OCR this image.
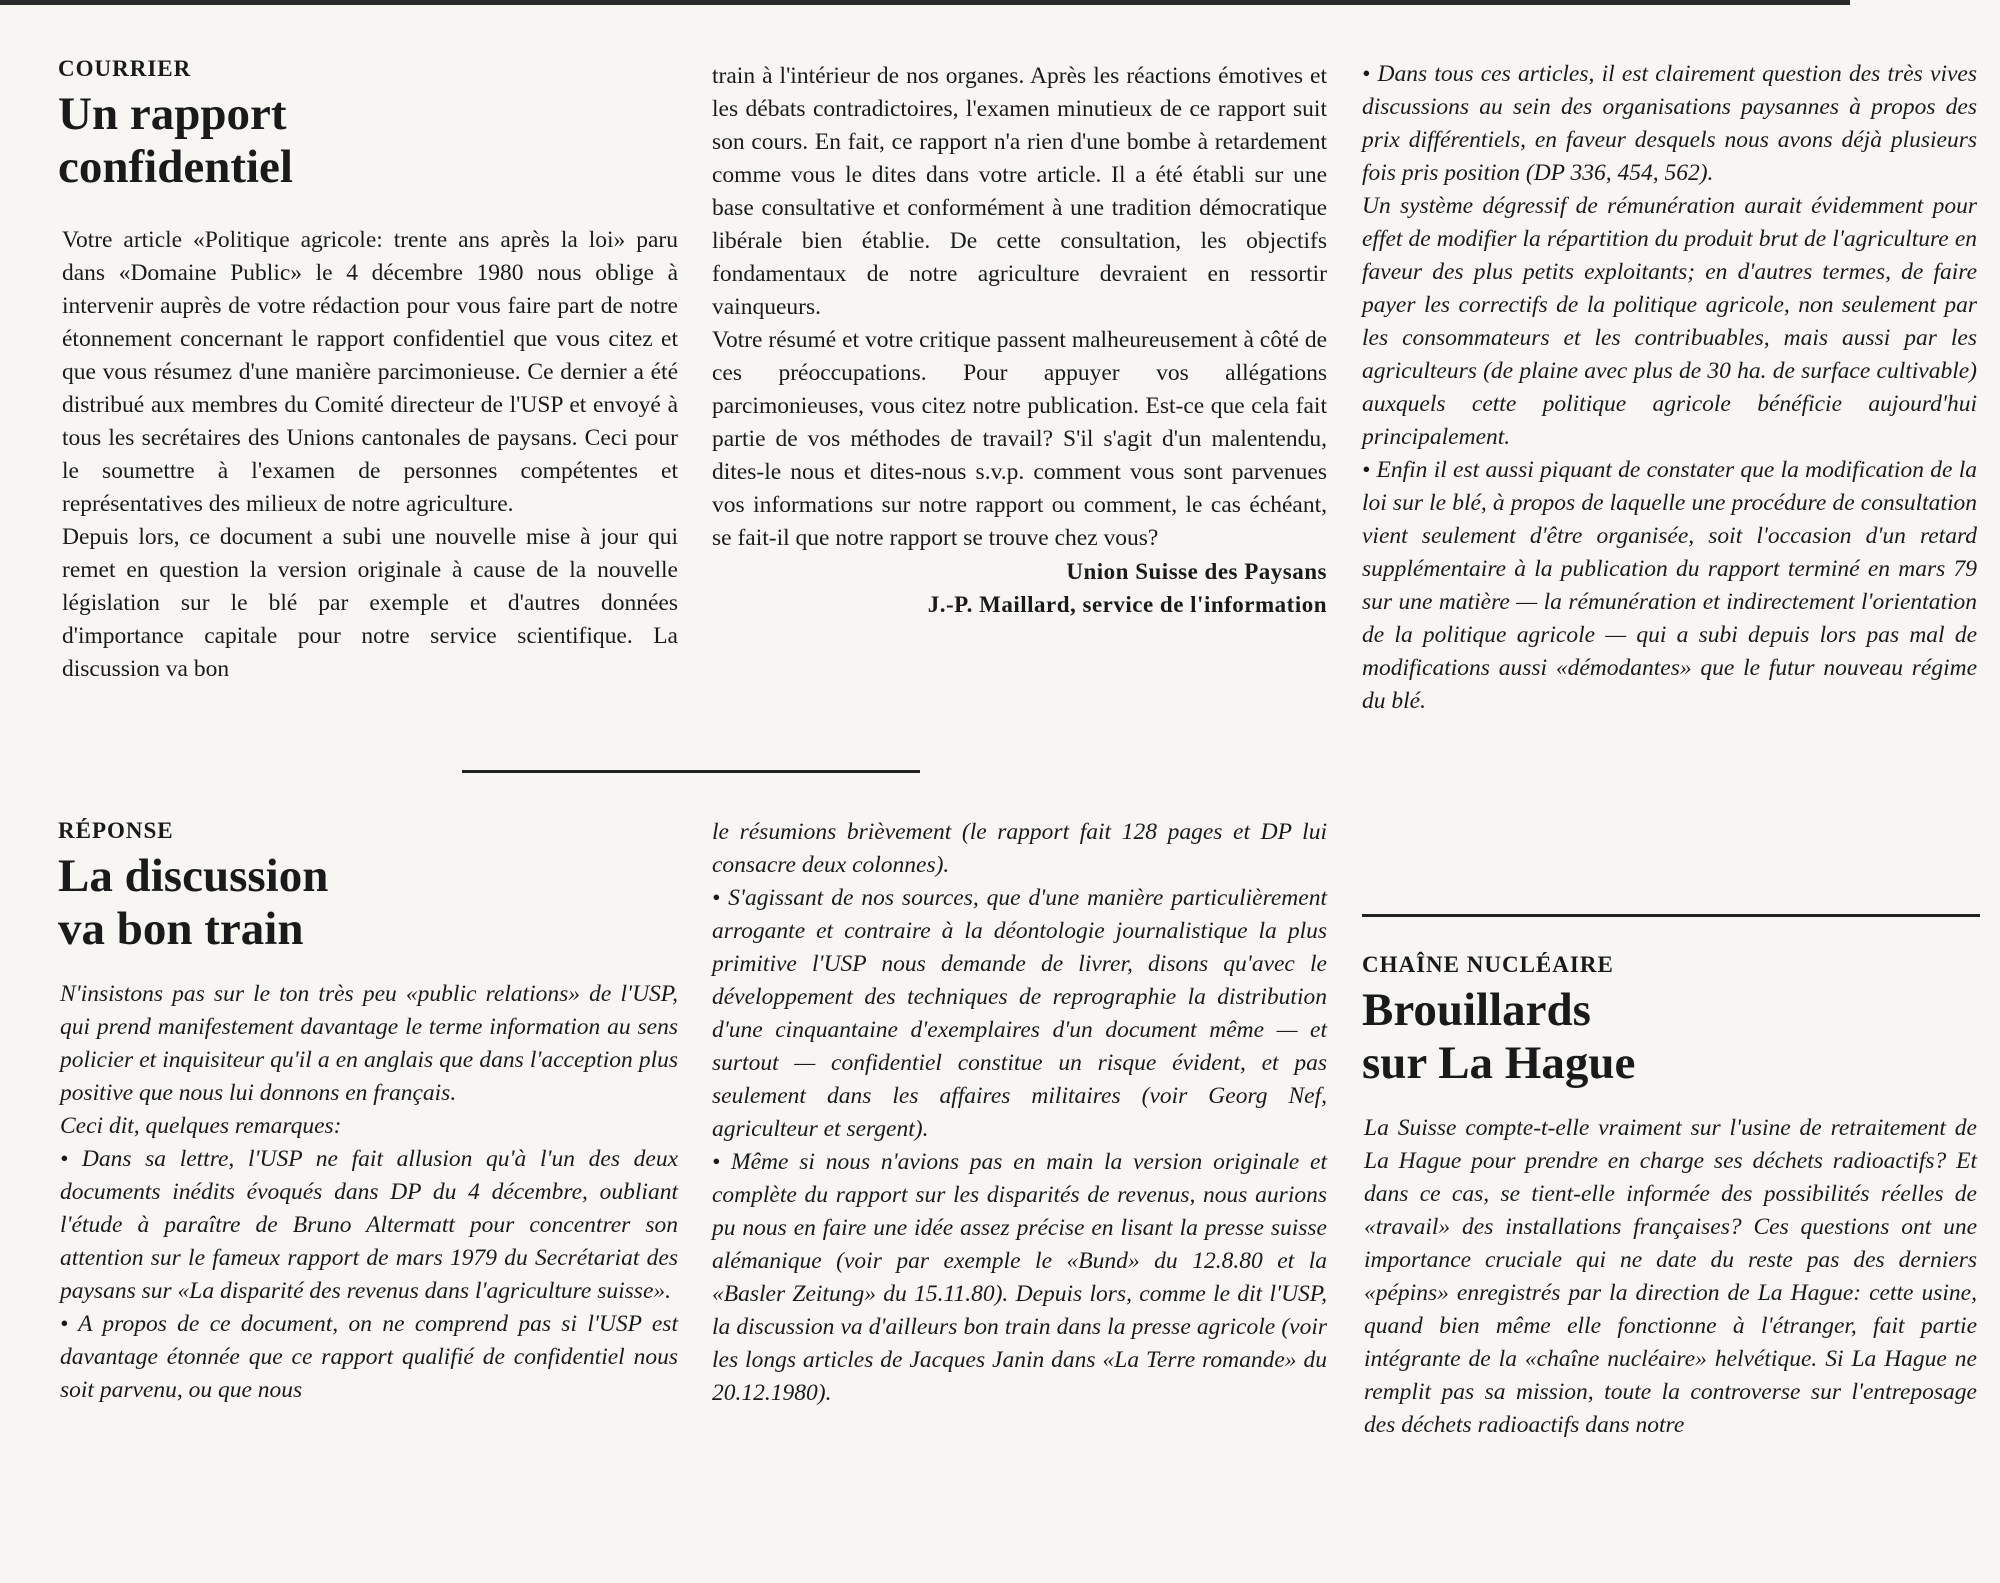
COURRIER

Un rapport
confidentiel

Votre article «Politique agricole: trente ans après la loi» paru dans «Domaine Public» le 4 décembre 1980 nous oblige à intervenir auprès de votre rédaction pour vous faire part de notre étonnement concernant le rapport confidentiel que vous citez et que vous résumez d'une manière parcimonieuse. Ce dernier a été distribué aux membres du Comité directeur de l'USP et envoyé à tous les secrétaires des Unions cantonales de paysans. Ceci pour le soumettre à l'examen de personnes compétentes et représentatives des milieux de notre agriculture.

Depuis lors, ce document a subi une nouvelle mise à jour qui remet en question la version originale à cause de la nouvelle législation sur le blé par exemple et d'autres données d'importance capitale pour notre service scientifique. La discussion va bon

train à l'intérieur de nos organes. Après les réactions émotives et les débats contradictoires, l'examen minutieux de ce rapport suit son cours. En fait, ce rapport n'a rien d'une bombe à retardement comme vous le dites dans votre article. Il a été établi sur une base consultative et conformément à une tradition démocratique libérale bien établie. De cette consultation, les objectifs fondamentaux de notre agriculture devraient en ressortir vainqueurs.

Votre résumé et votre critique passent malheureusement à côté de ces préoccupations. Pour appuyer vos allégations parcimonieuses, vous citez notre publication. Est-ce que cela fait partie de vos méthodes de travail? S'il s'agit d'un malentendu, dites-le nous et dites-nous s.v.p. comment vous sont parvenues vos informations sur notre rapport ou comment, le cas échéant, se fait-il que notre rapport se trouve chez vous?

Union Suisse des Paysans
J.-P. Maillard, service de l'information

RÉPONSE

La discussion
va bon train

N'insistons pas sur le ton très peu «public relations» de l'USP, qui prend manifestement davantage le terme information au sens policier et inquisiteur qu'il a en anglais que dans l'acception plus positive que nous lui donnons en français.

Ceci dit, quelques remarques:

• Dans sa lettre, l'USP ne fait allusion qu'à l'un des deux documents inédits évoqués dans DP du 4 décembre, oubliant l'étude à paraître de Bruno Altermatt pour concentrer son attention sur le fameux rapport de mars 1979 du Secrétariat des paysans sur «La disparité des revenus dans l'agriculture suisse».

• A propos de ce document, on ne comprend pas si l'USP est davantage étonnée que ce rapport qualifié de confidentiel nous soit parvenu, ou que nous

le résumions brièvement (le rapport fait 128 pages et DP lui consacre deux colonnes).

• S'agissant de nos sources, que d'une manière particulièrement arrogante et contraire à la déontologie journalistique la plus primitive l'USP nous demande de livrer, disons qu'avec le développement des techniques de reprographie la distribution d'une cinquantaine d'exemplaires d'un document même — et surtout — confidentiel constitue un risque évident, et pas seulement dans les affaires militaires (voir Georg Nef, agriculteur et sergent).

• Même si nous n'avions pas en main la version originale et complète du rapport sur les disparités de revenus, nous aurions pu nous en faire une idée assez précise en lisant la presse suisse alémanique (voir par exemple le «Bund» du 12.8.80 et la «Basler Zeitung» du 15.11.80). Depuis lors, comme le dit l'USP, la discussion va d'ailleurs bon train dans la presse agricole (voir les longs articles de Jacques Janin dans «La Terre romande» du 20.12.1980).

• Dans tous ces articles, il est clairement question des très vives discussions au sein des organisations paysannes à propos des prix différentiels, en faveur desquels nous avons déjà plusieurs fois pris position (DP 336, 454, 562).

Un système dégressif de rémunération aurait évidemment pour effet de modifier la répartition du produit brut de l'agriculture en faveur des plus petits exploitants; en d'autres termes, de faire payer les correctifs de la politique agricole, non seulement par les consommateurs et les contribuables, mais aussi par les agriculteurs (de plaine avec plus de 30 ha. de surface cultivable) auxquels cette politique agricole bénéficie aujourd'hui principalement.

• Enfin il est aussi piquant de constater que la modification de la loi sur le blé, à propos de laquelle une procédure de consultation vient seulement d'être organisée, soit l'occasion d'un retard supplémentaire à la publication du rapport terminé en mars 79 sur une matière — la rémunération et indirectement l'orientation de la politique agricole — qui a subi depuis lors pas mal de modifications aussi «démodantes» que le futur nouveau régime du blé.

CHAÎNE NUCLÉAIRE

Brouillards
sur La Hague

La Suisse compte-t-elle vraiment sur l'usine de retraitement de La Hague pour prendre en charge ses déchets radioactifs? Et dans ce cas, se tient-elle informée des possibilités réelles de «travail» des installations françaises? Ces questions ont une importance cruciale qui ne date du reste pas des derniers «pépins» enregistrés par la direction de La Hague: cette usine, quand bien même elle fonctionne à l'étranger, fait partie intégrante de la «chaîne nucléaire» helvétique. Si La Hague ne remplit pas sa mission, toute la controverse sur l'entreposage des déchets radioactifs dans notre
